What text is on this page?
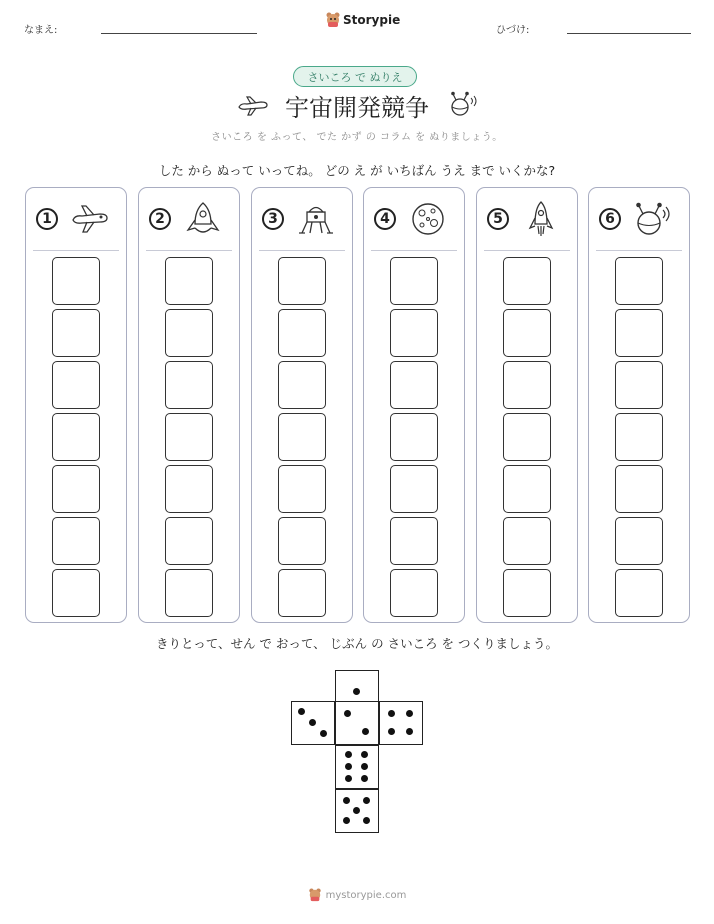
なまえ:
Storypie
ひづけ:
さいころ で ぬりえ
宇宙開発競争
さいころ を ふって、 でた かず の コラム を ぬりましょう。
した から ぬって いってね。 どの え が いちばん うえ まで いくかな?
1	2	3	4	5	6
きりとって、せん で おって、 じぶん の さいころ を つくりましょう。
mystorypie.com
